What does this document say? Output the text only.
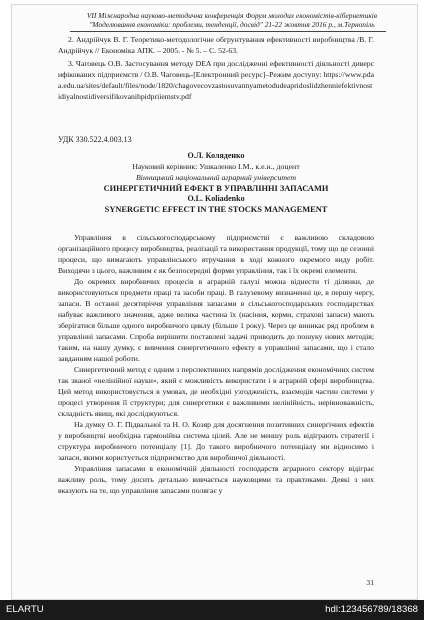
VII Міжнародна науково-методична конференція Форум молодих економістів-кібернетиків
"Моделювання економіки: проблеми, тенденції, досвід" 21-22 жовтня 2016 р., м.Тернопіль

2. Андрійчук В. Г. Теоретико-методологічне обгрунтування ефективності виробництва /В. Г. Андрійчук // Економіка АПК. – 2005. - № 5. – С. 52-63.

3. Чаговець О.В. Застосування методу DEA при дослідженні ефективності діяльності диверсифікованих підприємств / О.В. Чаговець-[Електронний ресурс]–Режим доступу: https://www.pdaa.edu.ua/sites/default/files/node/1820/chagovecovzastosuvannyametodudeapridoslidzhenniefektivnostidiyalnostidiversifikovanihpidpriiemstv.pdf

УДК 330.522.4.003.13
О.Л. Коляденко
Науковий керівник: Ушкаленко І.М., к.е.н., доцент
Вінницький національний аграрний університет
СИНЕРГЕТИЧНИЙ ЕФЕКТ В УПРАВЛІННІ ЗАПАСАМИ
O.L. Koliadenko
SYNERGETIC EFFECT IN THE STOCKS MANAGEMENT

Управління в сільськогосподарському підприємстві є важливою складовою організаційного процесу виробництва, реалізації та використання продукції, тому що це сезонні процеси, що вимагають управлінського втручання в ході кожного окремого виду робіт. Виходячи з цього, важливим є як безпосередні форми управління, так і їх окремі елементи.

До окремих виробничих процесів в аграрній галузі можна віднести ті ділянки, де використовуються предмети праці та засоби праці. В галузевому визначенні це, в першу чергу, запаси. В останні десятиріччя управління запасами в сільськогосподарських господарствах набуває важливого значення, адже велика частина їх (насіння, корми, страхові запаси) мають зберігатися більше одного виробничого циклу (більше 1 року). Через це виникає ряд проблем в управлінні запасами. Спроба вирішити поставлені задачі приводить до пошуку нових методів; таким, на нашу думку, є вивчення синергетичного ефекту в управлінні запасами, що і стало завданням нашої роботи.

Синергетичний метод є одним з перспективних напрямів дослідження економічних систем так званої «нелінійної науки», який є можливість використати і в аграрній сфері виробництва. Цей метод використовується в умовах, де необхідні узгодженість, взаємодія частин системи у процесі утворення її структури; для синергетики є важливими нелінійність, нерівноважність, складність явищ, які досліджуються.

На думку О. Г. Підвальної та Н. О. Козяр для досягнення позитивних синергічних ефектів у виробництві необхідна гармонійна система цілей. Але не меншу роль відіграють стратегії і структура виробничого потенціалу [1]. До такого виробничого потенціалу ми відносимо і запаси, якими користується підприємство для виробничої діяльності.

Управління запасами в економічній діяльності господарств аграрного сектору відіграє важливу роль, тому досить детально вивчається науковцями та практиками. Деякі з них вказують на те, що управління запасами полягає у

31
ELARTU	hdl:123456789/18368
